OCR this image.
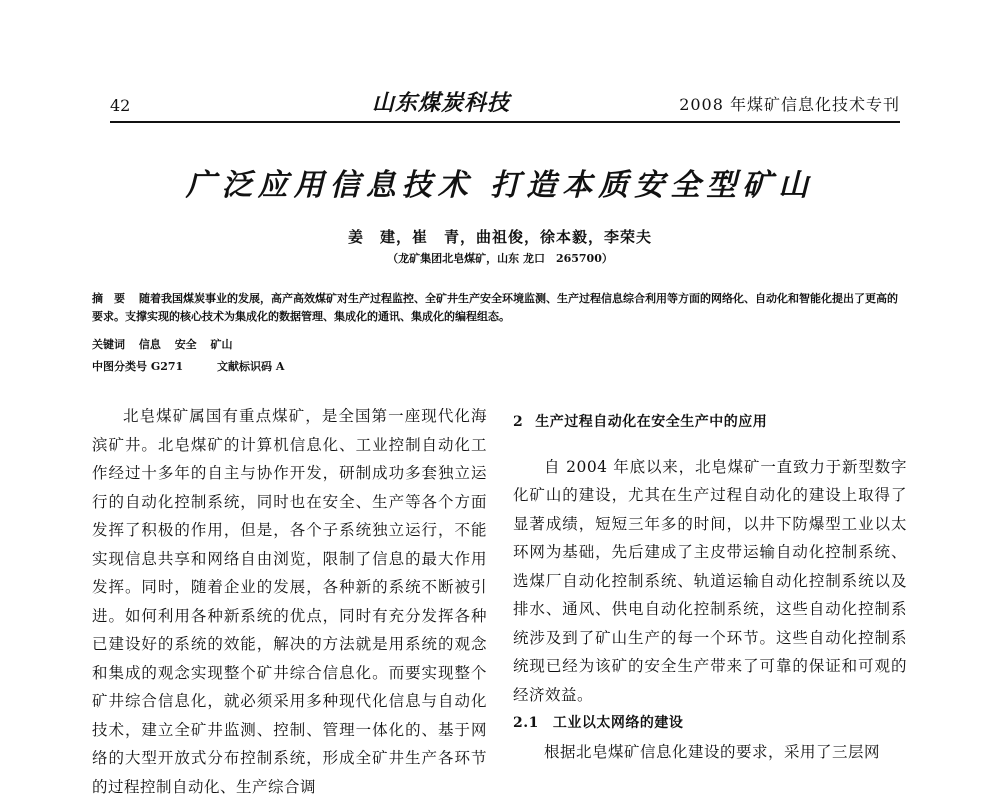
42	山东煤炭科技	2008 年煤矿信息化技术专刊
广泛应用信息技术 打造本质安全型矿山
姜　建，崔　青，曲祖俊，徐本毅，李荣夫
（龙矿集团北皂煤矿，山东 龙口　265700）
摘　要 随着我国煤炭事业的发展，高产高效煤矿对生产过程监控、全矿井生产安全环境监测、生产过程信息综合利用等方面的网络化、自动化和智能化提出了更高的要求。支撑实现的核心技术为集成化的数据管理、集成化的通讯、集成化的编程组态。
关键词 信息 安全 矿山
中图分类号 G271	文献标识码 A

北皂煤矿属国有重点煤矿，是全国第一座现代化海滨矿井。北皂煤矿的计算机信息化、工业控制自动化工作经过十多年的自主与协作开发，研制成功多套独立运行的自动化控制系统，同时也在安全、生产等各个方面发挥了积极的作用，但是，各个子系统独立运行，不能实现信息共享和网络自由浏览，限制了信息的最大作用发挥。同时，随着企业的发展，各种新的系统不断被引进。如何利用各种新系统的优点，同时有充分发挥各种已建设好的系统的效能，解决的方法就是用系统的观念和集成的观念实现整个矿井综合信息化。而要实现整个矿井综合信息化，就必须采用多种现代化信息与自动化技术，建立全矿井监测、控制、管理一体化的、基于网络的大型开放式分布控制系统，形成全矿井生产各环节的过程控制自动化、生产综合调

2 生产过程自动化在安全生产中的应用

自 2004 年底以来，北皂煤矿一直致力于新型数字化矿山的建设，尤其在生产过程自动化的建设上取得了显著成绩，短短三年多的时间，以井下防爆型工业以太环网为基础，先后建成了主皮带运输自动化控制系统、选煤厂自动化控制系统、轨道运输自动化控制系统以及排水、通风、供电自动化控制系统，这些自动化控制系统涉及到了矿山生产的每一个环节。这些自动化控制系统现已经为该矿的安全生产带来了可靠的保证和可观的经济效益。

2.1 工业以太网络的建设

根据北皂煤矿信息化建设的要求，采用了三层网
